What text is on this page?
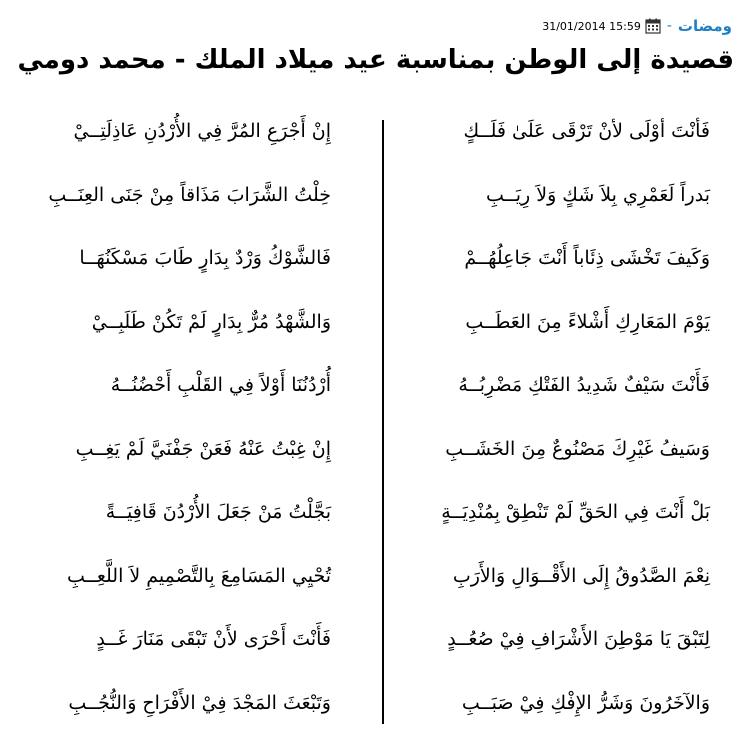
ومضات
-
31/01/2014 15:59
قصيدة إلى الوطن بمناسبة عيد ميلاد الملك - محمد دومي
فَأنْتَ أوْلَى لأنْ تَرْقَى عَلَىٰ فَلَــكٍ
بَدراً لَعَمْرِي بِلاَ شَكٍ وَلاَ رِيَــبِ
وَكَيفَ تَخْشَى ذِئَاباً أَنْتَ جَاعِلُهُــمْ
يَوْمَ المَعَارِكِ أَشْلاءً مِنَ العَطَــبِ
فَأَنْتَ سَيْفٌ شَدِيدُ الفَتْكِ مَضْرِبُــهُ
وَسَيفُ غَيْرِكَ مَصْنُوعٌ مِنَ الخَشَــبِ
بَلْ أَنْتَ فِي الحَقِّ لَمْ تَنْطِقْ بِمُنْدِيَــةٍ
نِعْمَ الصَّدُوقُ إِلَى الأَقْــوَالِ وَالأَرَبِ
لِتَبْقَ يَا مَوْطِنَ الأَشْرَافِ فِيْ صُعُــدٍ
وَالآخَرُونَ وَشَرُّ الإِفْكِ فِيْ صَبَــبِ
إِنْ أَجْرَعِ المُرَّ فِي الأُرْدُنِ عَاذِلَتِــيْ
خِلْتُ الشَّرَابَ مَذَاقاً مِنْ جَنَى العِنَــبِ
فَالشَّوْكُ وَرْدٌ بِدَارٍ طَابَ مَسْكَنُهَــا
وَالشَّهْدُ مُرٌّ بِدَارٍ لَمْ تَكُنْ طَلَبِــيْ
أُرْدُنُنَا أَوْلاً فِي القَلْبِ أَحْضُنُــهُ
إِنْ غِبْتُ عَنْهُ فَعَنْ جَفْنَيَّ لَمْ يَغِــبِ
بَجَّلْتُ مَنْ جَعَلَ الأُرْدُنَ قَافِيَــةً
تُحْيِي المَسَامِعَ بِالتَّصْمِيمِ لاَ اللَّعِــبِ
فَأَنْتَ أَحْرَى لأَنْ تَبْقَى مَنَارَ غَــدٍ
وَتَبْعَثَ المَجْدَ فِيْ الأَفْرَاحِ وَالنُّجُــبِ
